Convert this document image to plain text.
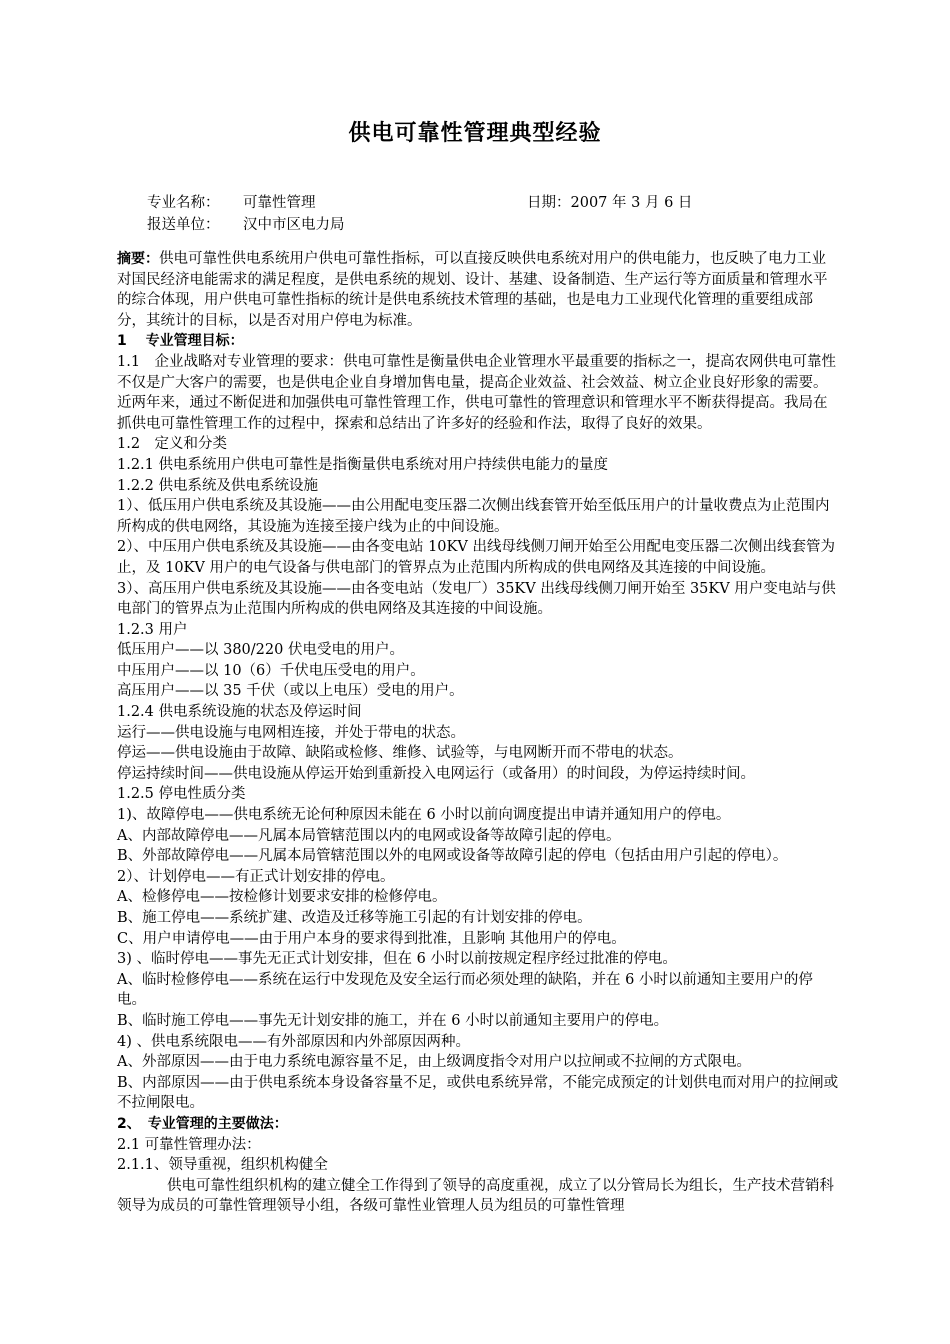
供电可靠性管理典型经验
专业名称： 可靠性管理	日期：2007 年 3 月 6 日
报送单位： 汉中市区电力局

摘要：供电可靠性供电系统用户供电可靠性指标，可以直接反映供电系统对用户的供电能力，也反映了电力工业对国民经济电能需求的满足程度，是供电系统的规划、设计、基建、设备制造、生产运行等方面质量和管理水平的综合体现，用户供电可靠性指标的统计是供电系统技术管理的基础，也是电力工业现代化管理的重要组成部分，其统计的目标，以是否对用户停电为标准。

1　 专业管理目标：

1.1　企业战略对专业管理的要求：供电可靠性是衡量供电企业管理水平最重要的指标之一，提高农网供电可靠性不仅是广大客户的需要，也是供电企业自身增加售电量，提高企业效益、社会效益、树立企业良好形象的需要。近两年来，通过不断促进和加强供电可靠性管理工作，供电可靠性的管理意识和管理水平不断获得提高。我局在抓供电可靠性管理工作的过程中，探索和总结出了许多好的经验和作法，取得了良好的效果。

1.2　定义和分类

1.2.1 供电系统用户供电可靠性是指衡量供电系统对用户持续供电能力的量度

1.2.2 供电系统及供电系统设施

1）、低压用户供电系统及其设施——由公用配电变压器二次侧出线套管开始至低压用户的计量收费点为止范围内所构成的供电网络，其设施为连接至接户线为止的中间设施。

2）、中压用户供电系统及其设施——由各变电站 10KV 出线母线侧刀闸开始至公用配电变压器二次侧出线套管为止，及 10KV 用户的电气设备与供电部门的管界点为止范围内所构成的供电网络及其连接的中间设施。

3）、高压用户供电系统及其设施——由各变电站（发电厂）35KV 出线母线侧刀闸开始至 35KV 用户变电站与供电部门的管界点为止范围内所构成的供电网络及其连接的中间设施。

1.2.3 用户

低压用户——以 380/220 伏电受电的用户。

中压用户——以 10（6）千伏电压受电的用户。

高压用户——以 35 千伏（或以上电压）受电的用户。

1.2.4 供电系统设施的状态及停运时间

运行——供电设施与电网相连接，并处于带电的状态。

停运——供电设施由于故障、缺陷或检修、维修、试验等，与电网断开而不带电的状态。

停运持续时间——供电设施从停运开始到重新投入电网运行（或备用）的时间段，为停运持续时间。

1.2.5 停电性质分类

1)、故障停电——供电系统无论何种原因未能在 6 小时以前向调度提出申请并通知用户的停电。

A、内部故障停电——凡属本局管辖范围以内的电网或设备等故障引起的停电。

B、外部故障停电——凡属本局管辖范围以外的电网或设备等故障引起的停电（包括由用户引起的停电）。

2）、计划停电——有正式计划安排的停电。

A、检修停电——按检修计划要求安排的检修停电。

B、施工停电——系统扩建、改造及迁移等施工引起的有计划安排的停电。

C、用户申请停电——由于用户本身的要求得到批准，且影响 其他用户的停电。

3) 、临时停电——事先无正式计划安排，但在 6 小时以前按规定程序经过批准的停电。

A、临时检修停电——系统在运行中发现危及安全运行而必须处理的缺陷，并在 6 小时以前通知主要用户的停电。

B、临时施工停电——事先无计划安排的施工，并在 6 小时以前通知主要用户的停电。

4) 、供电系统限电——有外部原因和内外部原因两种。

A、外部原因——由于电力系统电源容量不足，由上级调度指令对用户以拉闸或不拉闸的方式限电。

B、内部原因——由于供电系统本身设备容量不足，或供电系统异常，不能完成预定的计划供电而对用户的拉闸或不拉闸限电。

2、　专业管理的主要做法：

2.1 可靠性管理办法：

2.1.1、领导重视，组织机构健全

供电可靠性组织机构的建立健全工作得到了领导的高度重视，成立了以分管局长为组长，生产技术营销科领导为成员的可靠性管理领导小组，各级可靠性业管理人员为组员的可靠性管理
